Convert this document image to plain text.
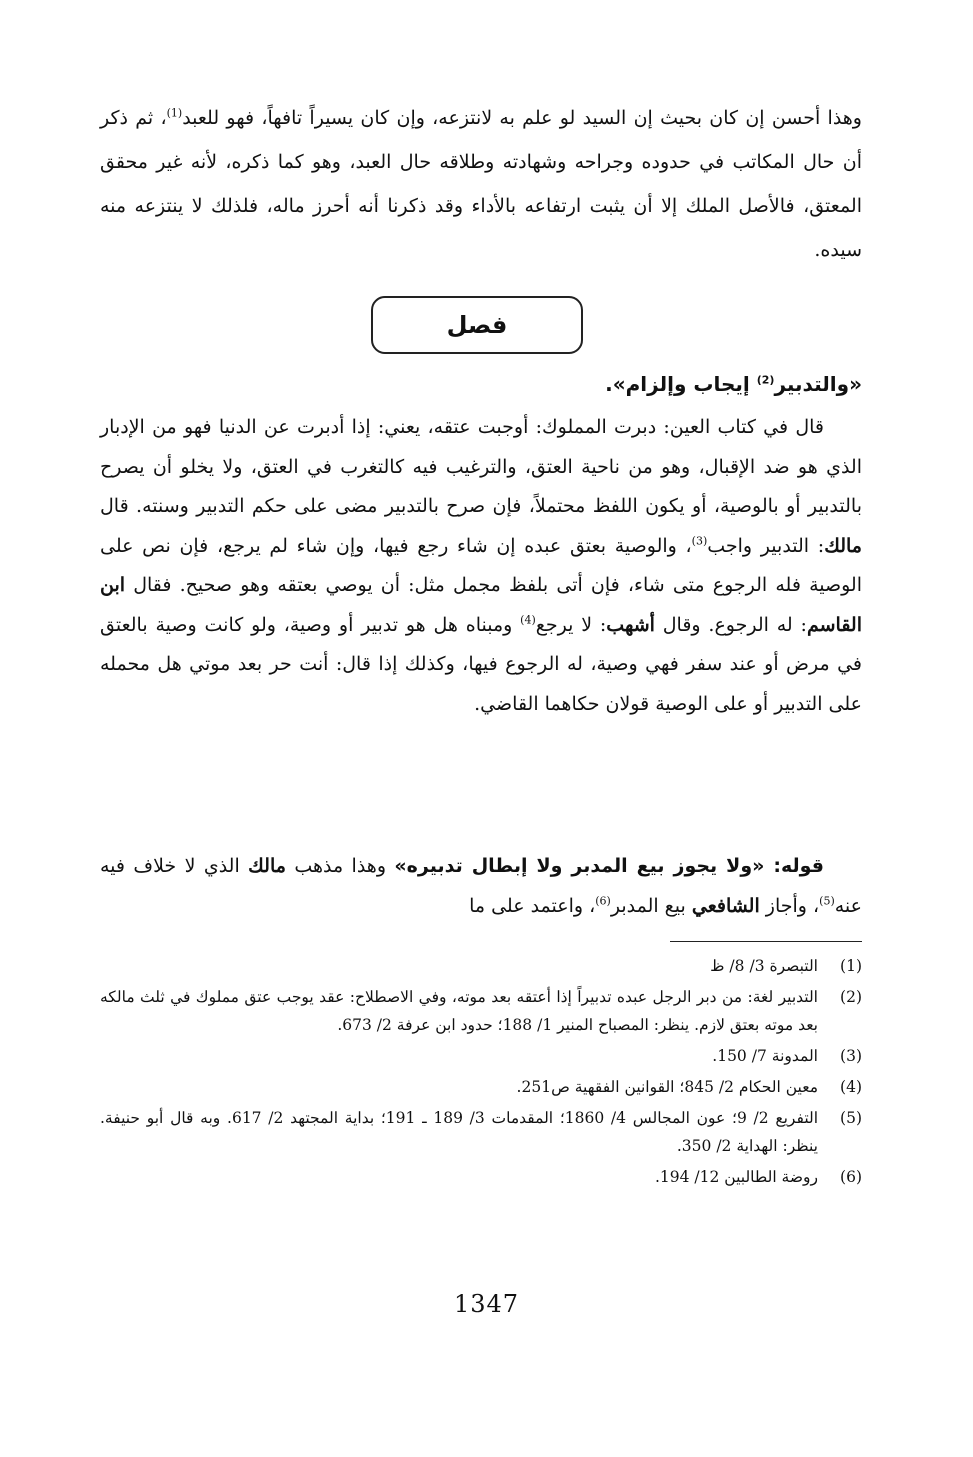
وهذا أحسن إن كان بحيث إن السيد لو علم به لانتزعه، وإن كان يسيراً تافهاً، فهو للعبد$^{(1)}$، ثم ذكر أن حال المكاتب في حدوده وجراحه وشهادته وطلاقه حال العبد، وهو كما ذكره، لأنه غير محقق المعتق، فالأصل الملك إلا أن يثبت ارتفاعه بالأداء وقد ذكرنا أنه أحرز ماله، فلذلك لا ينتزعه منه سيده.

فصل
«والتدبير$^{(2)}$ إيجاب وإلزام».

قال في كتاب العين: دبرت المملوك: أوجبت عتقه، يعني: إذا أدبرت عن الدنيا فهو من الإدبار الذي هو ضد الإقبال، وهو من ناحية العتق، والترغيب فيه كالتغرب في العتق، ولا يخلو أن يصرح بالتدبير أو بالوصية، أو يكون اللفظ محتملاً، فإن صرح بالتدبير مضى على حكم التدبير وسنته. قال مالك: التدبير واجب$^{(3)}$، والوصية بعتق عبده إن شاء رجع فيها، وإن شاء لم يرجع، فإن نص على الوصية فله الرجوع متى شاء، فإن أتى بلفظ مجمل مثل: أن يوصي بعتقه وهو صحيح. فقال ابن القاسم: له الرجوع. وقال أشهب: لا يرجع$^{(4)}$ ومبناه هل هو تدبير أو وصية، ولو كانت وصية بالعتق في مرض أو عند سفر فهي وصية، له الرجوع فيها، وكذلك إذا قال: أنت حر بعد موتي هل محمله على التدبير أو على الوصية قولان حكاهما القاضي.

قوله: «ولا يجوز بيع المدبر ولا إبطال تدبيره» وهذا مذهب مالك الذي لا خلاف فيه عنه$^{(5)}$، وأجاز الشافعي بيع المدبر$^{(6)}$، واعتمد على ما

(1)
التبصرة 3/ 8/ ظ
(2)
التدبير لغة: من دبر الرجل عبده تدبيراً إذا أعتقه بعد موته، وفي الاصطلاح: عقد يوجب عتق مملوك في ثلث مالكه بعد موته بعتق لازم. ينظر: المصباح المنير 1/ 188؛ حدود ابن عرفة 2/ 673.
(3)
المدونة 7/ 150.
(4)
معين الحكام 2/ 845؛ القوانين الفقهية ص251.
(5)
التفريع 2/ 9؛ عون المجالس 4/ 1860؛ المقدمات 3/ 189 ـ 191؛ بداية المجتهد 2/ 617. وبه قال أبو حنيفة. ينظر: الهداية 2/ 350.
(6)
روضة الطالبين 12/ 194.
1347
